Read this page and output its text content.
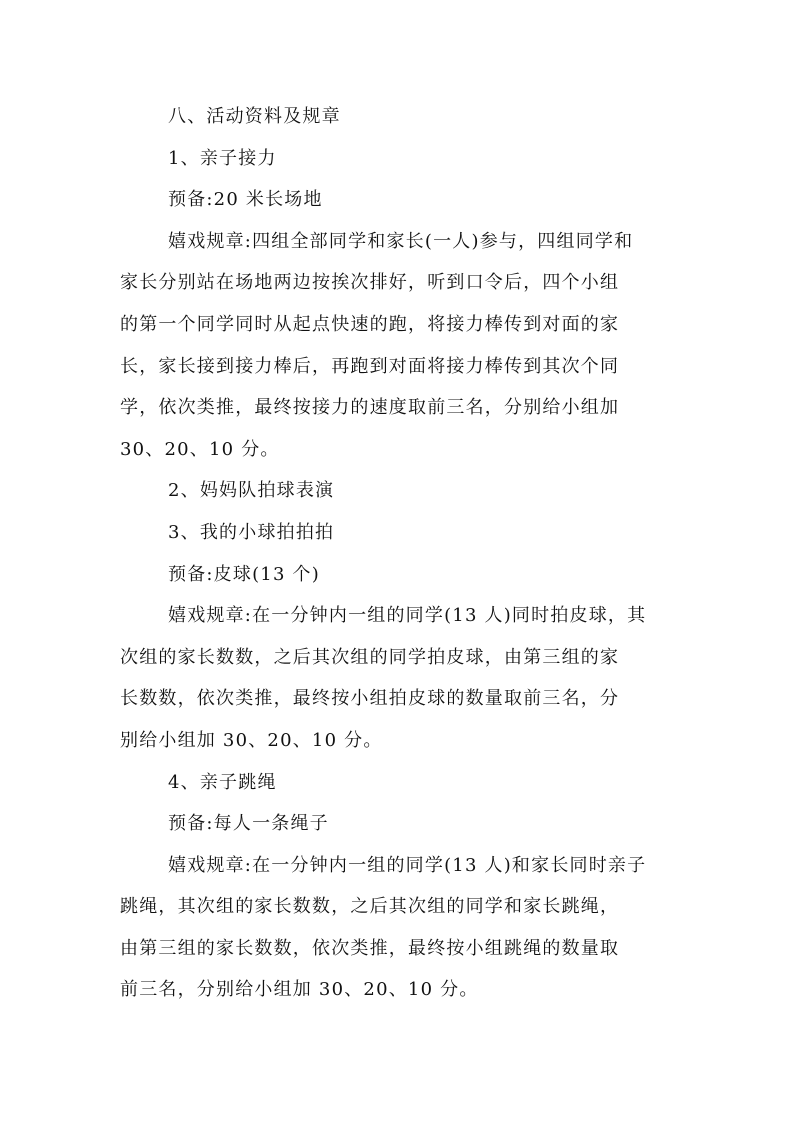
八、活动资料及规章

1、亲子接力

预备:20 米长场地

嬉戏规章:四组全部同学和家长(一人)参与，四组同学和
家长分别站在场地两边按挨次排好，听到口令后，四个小组
的第一个同学同时从起点快速的跑，将接力棒传到对面的家
长，家长接到接力棒后，再跑到对面将接力棒传到其次个同
学，依次类推，最终按接力的速度取前三名，分别给小组加
30、20、10 分。

2、妈妈队拍球表演

3、我的小球拍拍拍

预备:皮球(13 个)

嬉戏规章:在一分钟内一组的同学(13 人)同时拍皮球，其
次组的家长数数，之后其次组的同学拍皮球，由第三组的家
长数数，依次类推，最终按小组拍皮球的数量取前三名，分
别给小组加 30、20、10 分。

4、亲子跳绳

预备:每人一条绳子

嬉戏规章:在一分钟内一组的同学(13 人)和家长同时亲子
跳绳，其次组的家长数数，之后其次组的同学和家长跳绳，
由第三组的家长数数，依次类推，最终按小组跳绳的数量取
前三名，分别给小组加 30、20、10 分。
